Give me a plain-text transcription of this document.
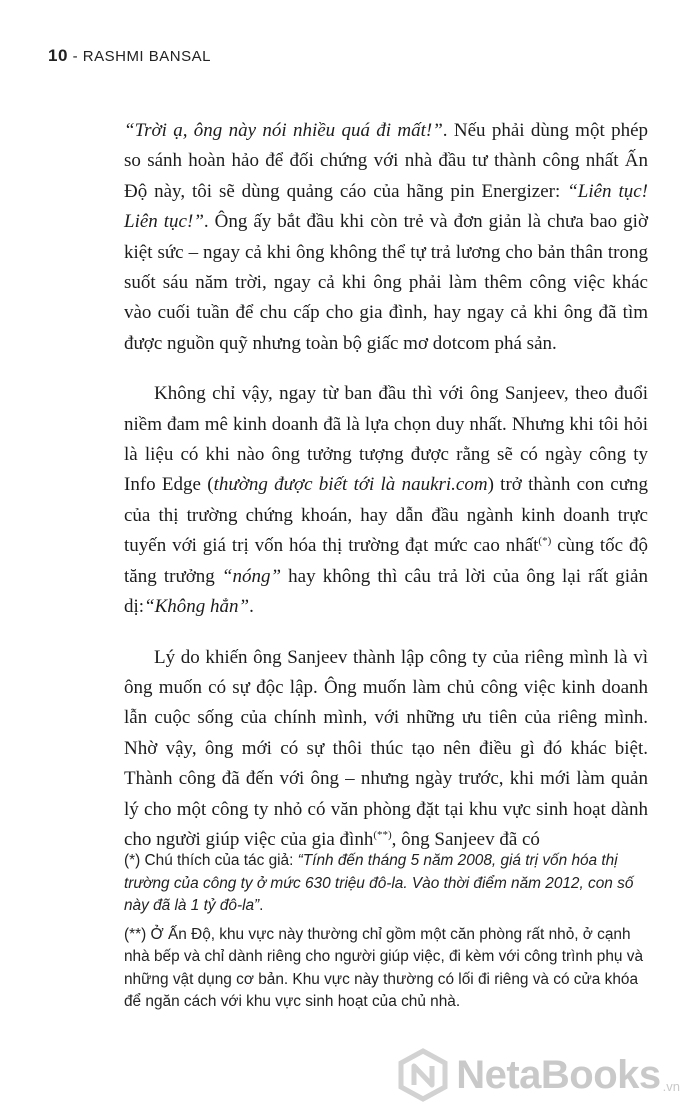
10 - RASHMI BANSAL

“Trời ạ, ông này nói nhiều quá đi mất!”. Nếu phải dùng một phép so sánh hoàn hảo để đối chứng với nhà đầu tư thành công nhất Ấn Độ này, tôi sẽ dùng quảng cáo của hãng pin Energizer: “Liên tục! Liên tục!”. Ông ấy bắt đầu khi còn trẻ và đơn giản là chưa bao giờ kiệt sức – ngay cả khi ông không thể tự trả lương cho bản thân trong suốt sáu năm trời, ngay cả khi ông phải làm thêm công việc khác vào cuối tuần để chu cấp cho gia đình, hay ngay cả khi ông đã tìm được nguồn quỹ nhưng toàn bộ giấc mơ dotcom phá sản.

Không chỉ vậy, ngay từ ban đầu thì với ông Sanjeev, theo đuổi niềm đam mê kinh doanh đã là lựa chọn duy nhất. Nhưng khi tôi hỏi là liệu có khi nào ông tưởng tượng được rằng sẽ có ngày công ty Info Edge (thường được biết tới là naukri.com) trở thành con cưng của thị trường chứng khoán, hay dẫn đầu ngành kinh doanh trực tuyến với giá trị vốn hóa thị trường đạt mức cao nhất(*) cùng tốc độ tăng trưởng “nóng” hay không thì câu trả lời của ông lại rất giản dị:“Không hẳn”.

Lý do khiến ông Sanjeev thành lập công ty của riêng mình là vì ông muốn có sự độc lập. Ông muốn làm chủ công việc kinh doanh lẫn cuộc sống của chính mình, với những ưu tiên của riêng mình. Nhờ vậy, ông mới có sự thôi thúc tạo nên điều gì đó khác biệt. Thành công đã đến với ông – nhưng ngày trước, khi mới làm quản lý cho một công ty nhỏ có văn phòng đặt tại khu vực sinh hoạt dành cho người giúp việc của gia đình(**), ông Sanjeev đã có

(*) Chú thích của tác giả: “Tính đến tháng 5 năm 2008, giá trị vốn hóa thị trường của công ty ở mức 630 triệu đô-la. Vào thời điểm năm 2012, con số này đã là 1 tỷ đô-la”.

(**) Ở Ấn Độ, khu vực này thường chỉ gồm một căn phòng rất nhỏ, ở cạnh nhà bếp và chỉ dành riêng cho người giúp việc, đi kèm với công trình phụ và những vật dụng cơ bản. Khu vực này thường có lối đi riêng và có cửa khóa để ngăn cách với khu vực sinh hoạt của chủ nhà.

NetaBooks .vn
